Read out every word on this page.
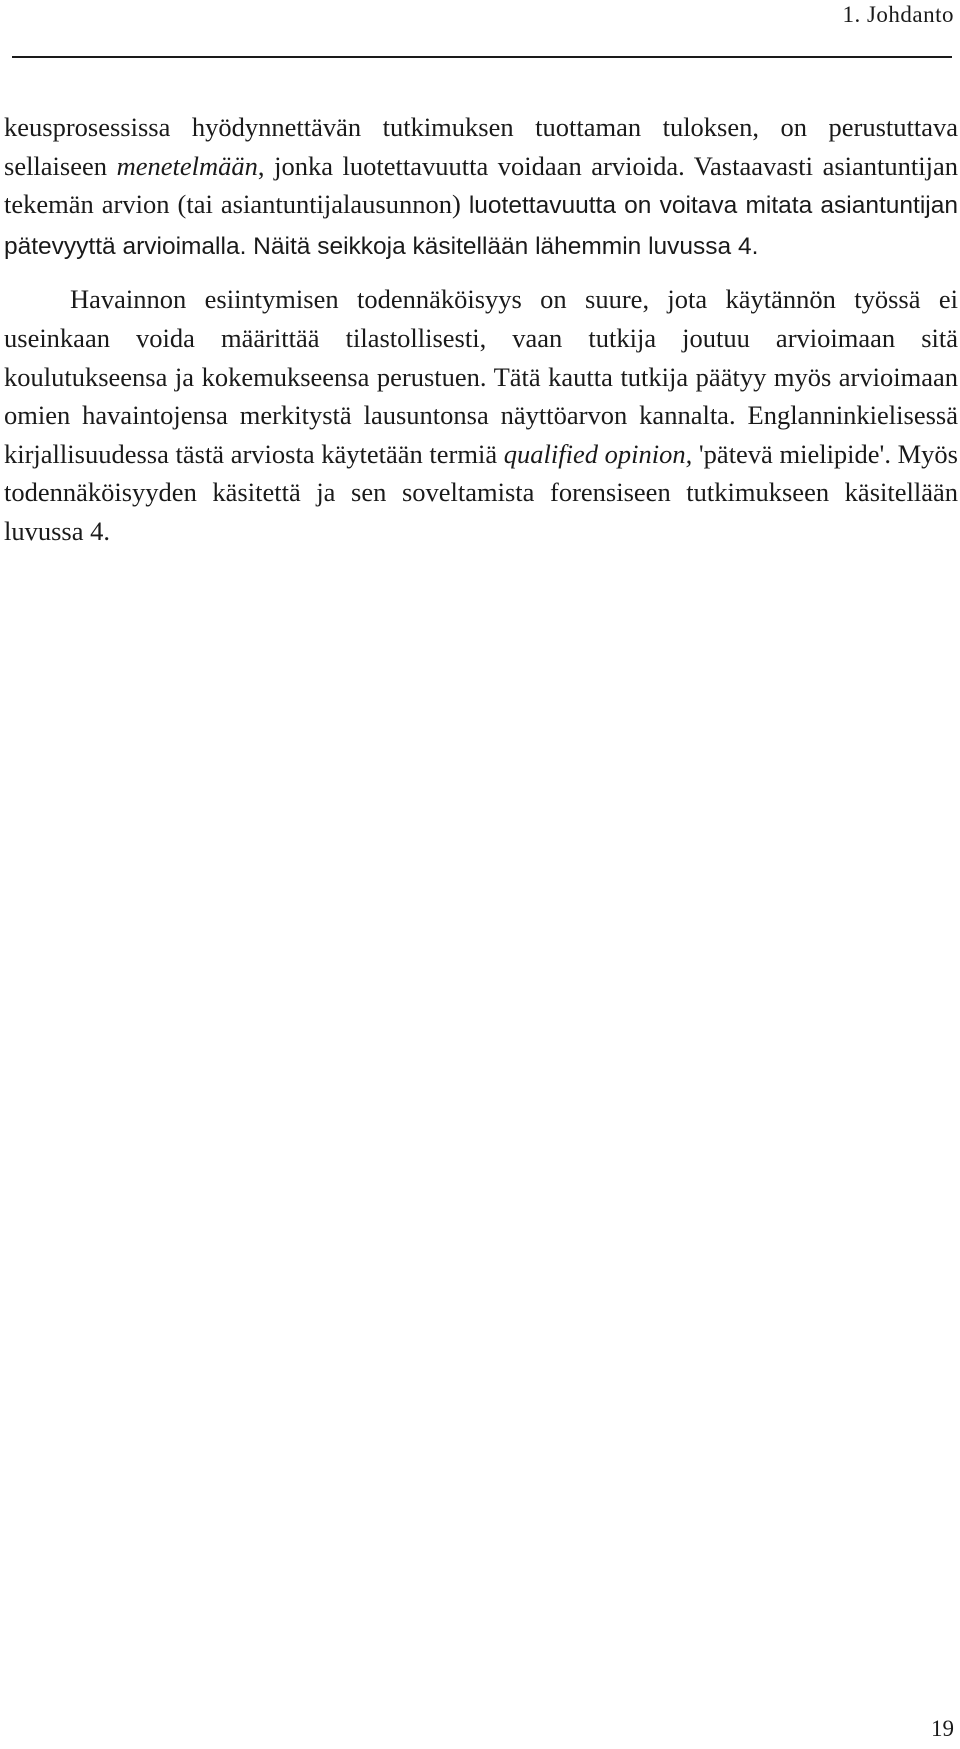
1. Johdanto

keusprosessissa hyödynnettävän tutkimuksen tuottaman tuloksen, on perustuttava sellaiseen menetelmään, jonka luotettavuutta voidaan arvioida. Vastaavasti asiantuntijan tekemän arvion (tai asiantuntijalausunnon) luotettavuutta on voitava mitata asiantuntijan pätevyyttä arvioimalla. Näitä seikkoja käsitellään lähemmin luvussa 4.

Havainnon esiintymisen todennäköisyys on suure, jota käytännön työssä ei useinkaan voida määrittää tilastollisesti, vaan tutkija joutuu arvioimaan sitä koulutukseensa ja kokemukseensa perustuen. Tätä kautta tutkija päätyy myös arvioimaan omien havaintojensa merkitystä lausuntonsa näyttöarvon kannalta. Englanninkielisessä kirjallisuudessa tästä arviosta käytetään termiä qualified opinion, 'pätevä mielipide'. Myös todennäköisyyden käsitettä ja sen soveltamista forensiseen tutkimukseen käsitellään luvussa 4.

19
